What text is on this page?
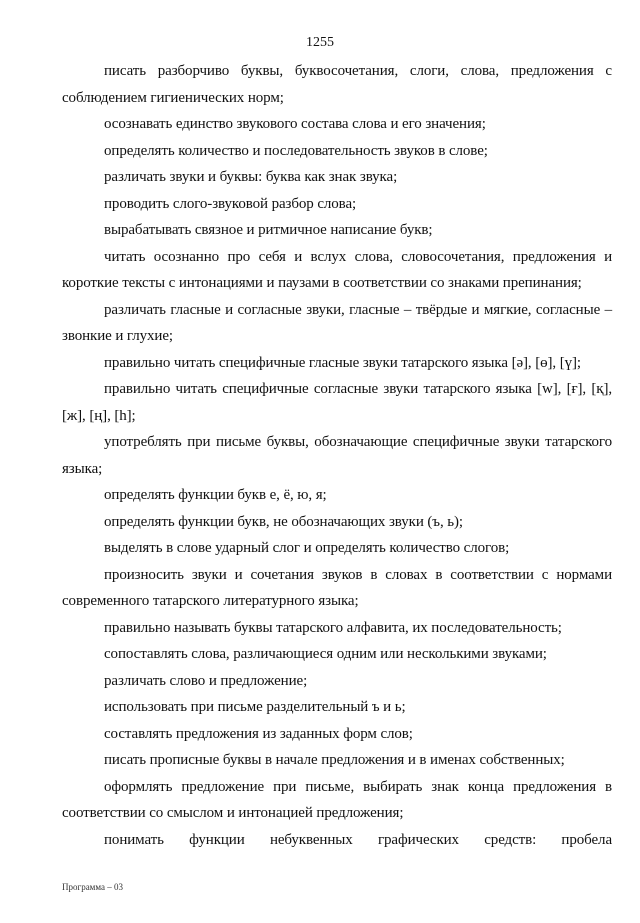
1255

писать разборчиво буквы, буквосочетания, слоги, слова, предложения с соблюдением гигиенических норм;

осознавать единство звукового состава слова и его значения;

определять количество и последовательность звуков в слове;

различать звуки и буквы: буква как знак звука;

проводить слого-звуковой разбор слова;

вырабатывать связное и ритмичное написание букв;

читать осознанно про себя и вслух слова, словосочетания, предложения и короткие тексты с интонациями и паузами в соответствии со знаками препинания;

различать гласные и согласные звуки, гласные – твёрдые и мягкие, согласные – звонкие и глухие;

правильно читать специфичные гласные звуки татарского языка [ә], [ө], [ү];

правильно читать специфичные согласные звуки татарского языка [w], [ғ], [қ], [ж], [ң], [h];

употреблять при письме буквы, обозначающие специфичные звуки татарского языка;

определять функции букв е, ё, ю, я;

определять функции букв, не обозначающих звуки (ъ, ь);

выделять в слове ударный слог и определять количество слогов;

произносить звуки и сочетания звуков в словах в соответствии с нормами современного татарского литературного языка;

правильно называть буквы татарского алфавита, их последовательность;

сопоставлять слова, различающиеся одним или несколькими звуками;

различать слово и предложение;

использовать при письме разделительный ъ и ь;

составлять предложения из заданных форм слов;

писать прописные буквы в начале предложения и в именах собственных;

оформлять предложение при письме, выбирать знак конца предложения в соответствии со смыслом и интонацией предложения;

понимать функции небуквенных графических средств: пробела

Программа – 03
